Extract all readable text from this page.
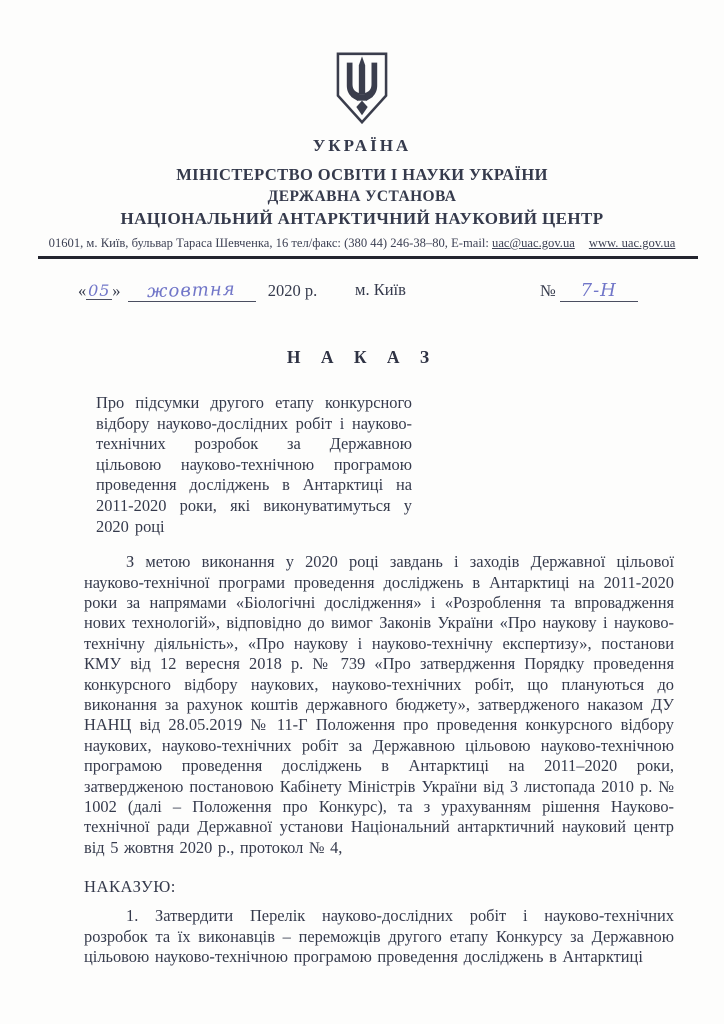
УКРАЇНА
МІНІСТЕРСТВО ОСВІТИ І НАУКИ УКРАЇНИ
ДЕРЖАВНА УСТАНОВА
НАЦІОНАЛЬНИЙ АНТАРКТИЧНИЙ НАУКОВИЙ ЦЕНТР
01601, м. Київ, бульвар Тараса Шевченка, 16 тел/факс: (380 44) 246-38–80, E-mail: uac@uac.gov.ua www. uac.gov.ua
« 05 » жовтня 2020 р. м. Київ	№ 7-Н
Н А К А З

Про підсумки другого етапу конкурсного відбору науково-дослідних робіт і науково-технічних розробок за Державною цільовою науково-технічною програмою проведення досліджень в Антарктиці на 2011-2020 роки, які виконуватимуться у 2020 році

З метою виконання у 2020 році завдань і заходів Державної цільової науково-технічної програми проведення досліджень в Антарктиці на 2011-2020 роки за напрямами «Біологічні дослідження» і «Розроблення та впровадження нових технологій», відповідно до вимог Законів України «Про наукову і науково-технічну діяльність», «Про наукову і науково-технічну експертизу», постанови КМУ від 12 вересня 2018 р. № 739 «Про затвердження Порядку проведення конкурсного відбору наукових, науково-технічних робіт, що плануються до виконання за рахунок коштів державного бюджету», затвердженого наказом ДУ НАНЦ від 28.05.2019 № 11-Г Положення про проведення конкурсного відбору наукових, науково-технічних робіт за Державною цільовою науково-технічною програмою проведення досліджень в Антарктиці на 2011–2020 роки, затвердженою постановою Кабінету Міністрів України від 3 листопада 2010 р. № 1002 (далі – Положення про Конкурс), та з урахуванням рішення Науково-технічної ради Державної установи Національний антарктичний науковий центр від 5 жовтня 2020 р., протокол № 4,

НАКАЗУЮ:

1. Затвердити Перелік науково-дослідних робіт і науково-технічних розробок та їх виконавців – переможців другого етапу Конкурсу за Державною цільовою науково-технічною програмою проведення досліджень в Антарктиці
